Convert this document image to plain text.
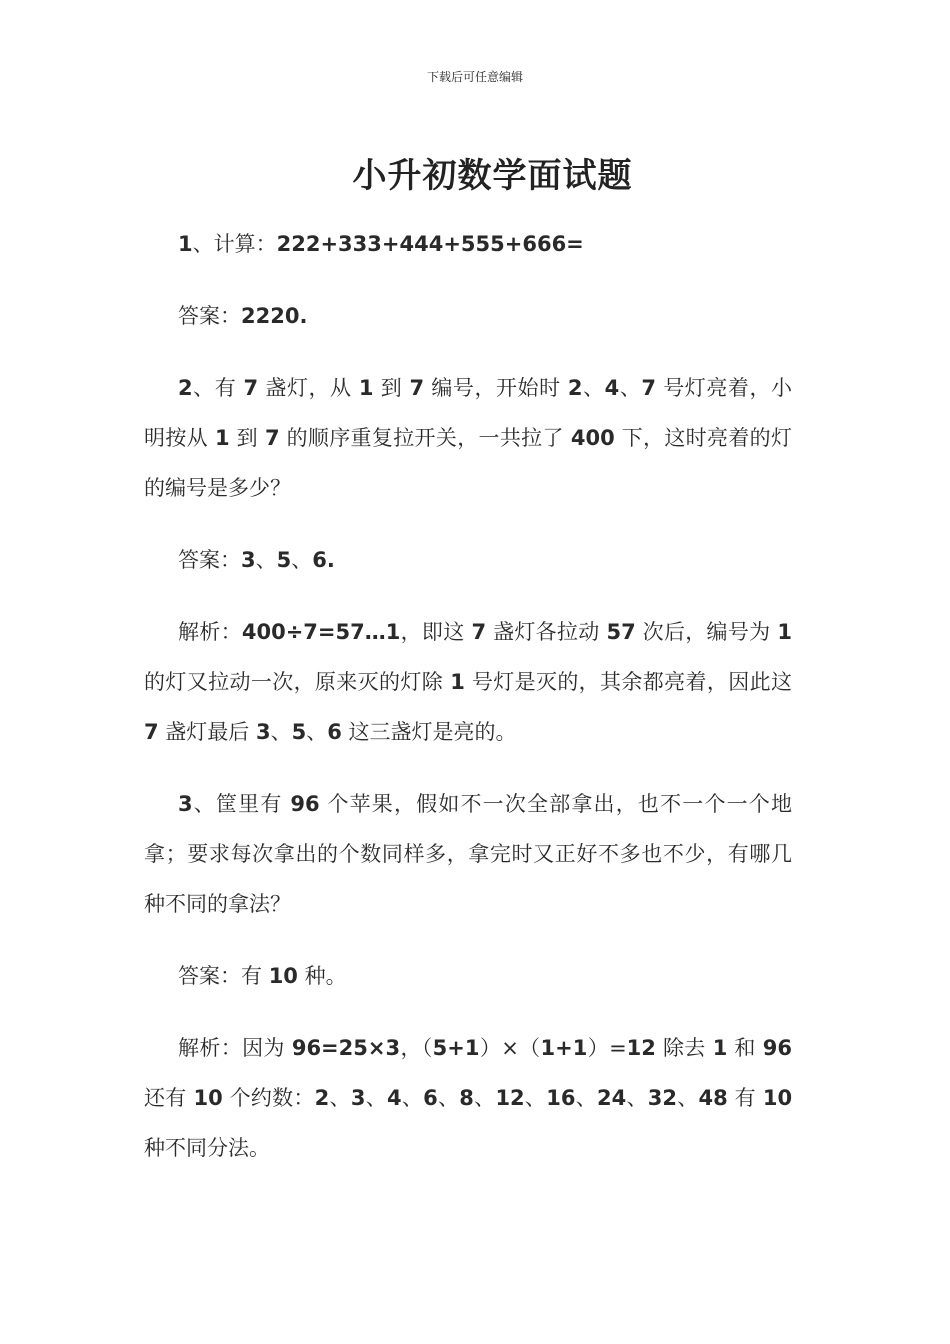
下载后可任意编辑
小升初数学面试题

1、计算：222+333+444+555+666=

答案：2220.

2、有 7 盏灯，从 1 到 7 编号，开始时 2、4、7 号灯亮着，小明按从 1 到 7 的顺序重复拉开关，一共拉了 400 下，这时亮着的灯的编号是多少？

答案：3、5、6.

解析：400÷7=57…1，即这 7 盏灯各拉动 57 次后，编号为 1 的灯又拉动一次，原来灭的灯除 1 号灯是灭的，其余都亮着，因此这 7 盏灯最后 3、5、6 这三盏灯是亮的。

3、筐里有 96 个苹果，假如不一次全部拿出，也不一个一个地拿；要求每次拿出的个数同样多，拿完时又正好不多也不少，有哪几种不同的拿法？

答案：有 10 种。

解析：因为 96=25×3，（5+1）×（1+1）=12 除去 1 和 96 还有 10 个约数：2、3、4、6、8、12、16、24、32、48 有 10 种不同分法。
